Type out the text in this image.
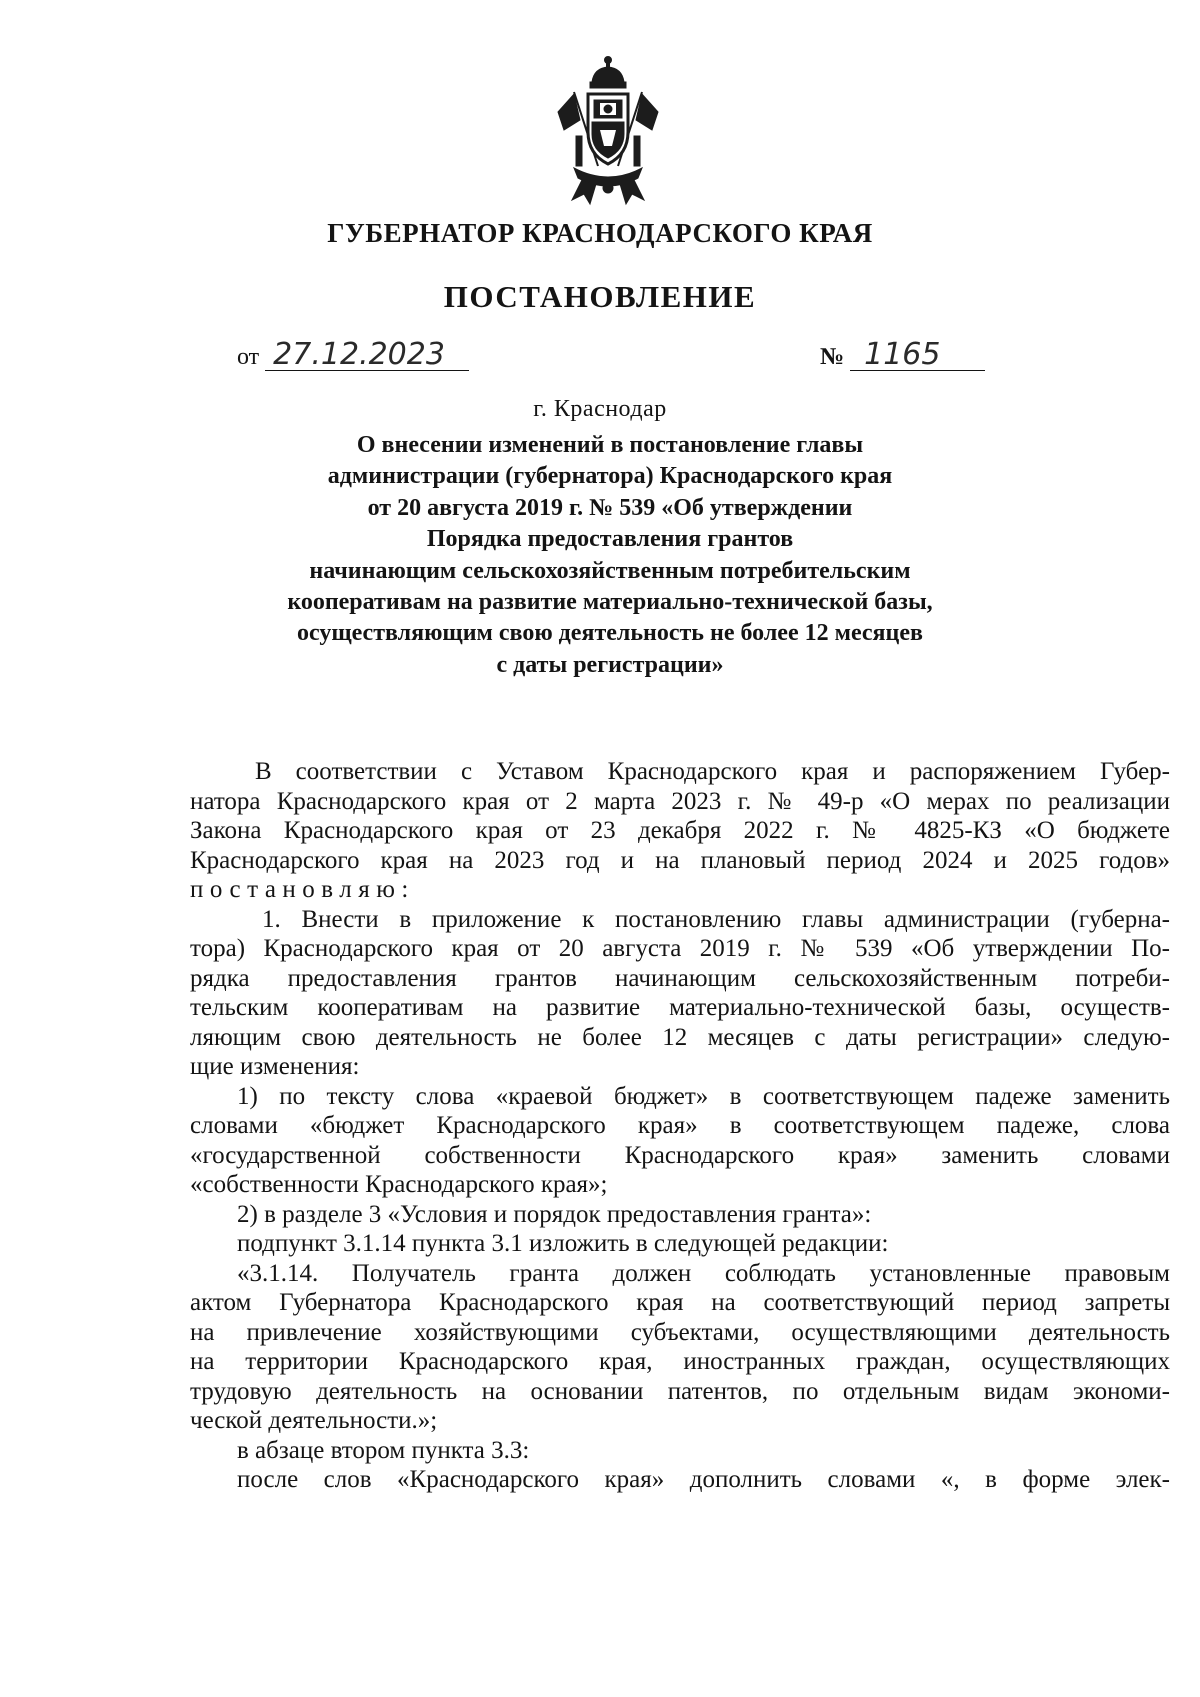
ГУБЕРНАТОР КРАСНОДАРСКОГО КРАЯ
ПОСТАНОВЛЕНИЕ
от 27.12.2023	№ 1165
г. Краснодар
О внесении изменений в постановление главы
администрации (губернатора) Краснодарского края
от 20 августа 2019 г. № 539 «Об утверждении
Порядка предоставления грантов
начинающим сельскохозяйственным потребительским
кооперативам на развитие материально-технической базы,
осуществляющим свою деятельность не более 12 месяцев
с даты регистрации»
В соответствии с Уставом Краснодарского края и распоряжением Губер-
натора Краснодарского края от 2 марта 2023 г. № 49-р «О мерах по реализации
Закона Краснодарского края от 23 декабря 2022 г. № 4825-КЗ «О бюджете
Краснодарского края на 2023 год и на плановый период 2024 и 2025 годов»
постановляю:
1. Внести в приложение к постановлению главы администрации (губерна-
тора) Краснодарского края от 20 августа 2019 г. № 539 «Об утверждении По-
рядка предоставления грантов начинающим сельскохозяйственным потреби-
тельским кооперативам на развитие материально-технической базы, осуществ-
ляющим свою деятельность не более 12 месяцев с даты регистрации» следую-
щие изменения:
1) по тексту слова «краевой бюджет» в соответствующем падеже заменить
словами «бюджет Краснодарского края» в соответствующем падеже, слова
«государственной собственности Краснодарского края» заменить словами
«собственности Краснодарского края»;
2) в разделе 3 «Условия и порядок предоставления гранта»:
подпункт 3.1.14 пункта 3.1 изложить в следующей редакции:
«3.1.14. Получатель гранта должен соблюдать установленные правовым
актом Губернатора Краснодарского края на соответствующий период запреты
на привлечение хозяйствующими субъектами, осуществляющими деятельность
на территории Краснодарского края, иностранных граждан, осуществляющих
трудовую деятельность на основании патентов, по отдельным видам экономи-
ческой деятельности.»;
в абзаце втором пункта 3.3:
после слов «Краснодарского края» дополнить словами «, в форме элек-
